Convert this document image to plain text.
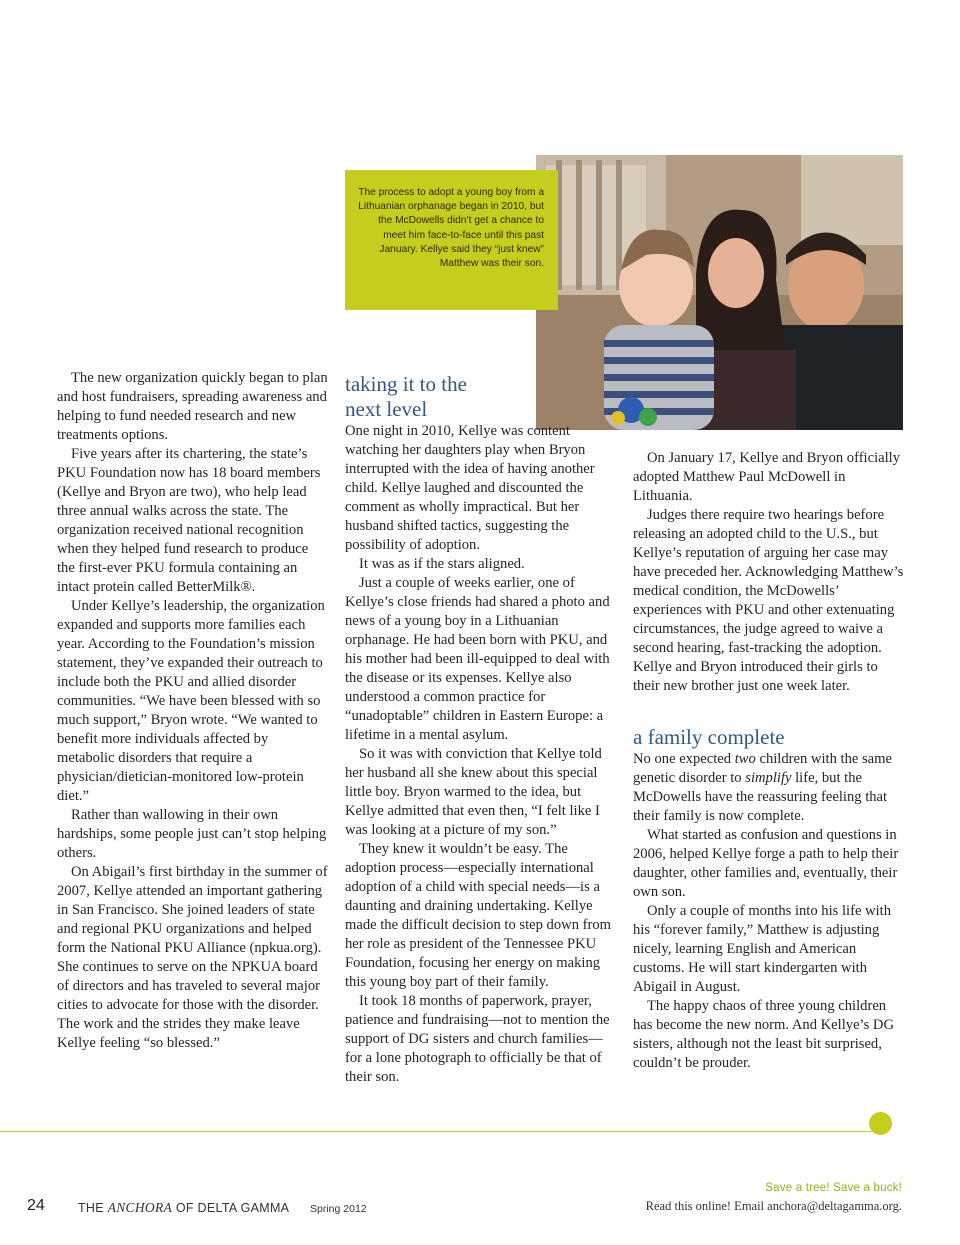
The process to adopt a young boy from a Lithuanian orphanage began in 2010, but the McDowells didn’t get a chance to meet him face-to-face until this past January. Kellye said they “just knew” Matthew was their son.

The new organization quickly began to plan and host fundraisers, spreading awareness and helping to fund needed research and new treatments options.

Five years after its chartering, the state’s PKU Foundation now has 18 board members (Kellye and Bryon are two), who help lead three annual walks across the state. The organization received national recognition when they helped fund research to produce the first-ever PKU formula containing an intact protein called BetterMilk®.

Under Kellye’s leadership, the organization expanded and supports more families each year. According to the Foundation’s mission statement, they’ve expanded their outreach to include both the PKU and allied disorder communities. “We have been blessed with so much support,” Bryon wrote. “We wanted to benefit more individuals affected by metabolic disorders that require a physician/dietician-monitored low-protein diet.”

Rather than wallowing in their own hardships, some people just can’t stop helping others.

On Abigail’s first birthday in the summer of 2007, Kellye attended an important gathering in San Francisco. She joined leaders of state and regional PKU organizations and helped form the National PKU Alliance (npkua.org). She continues to serve on the NPKUA board of directors and has traveled to several major cities to advocate for those with the disorder. The work and the strides they make leave Kellye feeling “so blessed.”

taking it to the next level

One night in 2010, Kellye was content watching her daughters play when Bryon interrupted with the idea of having another child. Kellye laughed and discounted the comment as wholly impractical. But her husband shifted tactics, suggesting the possibility of adoption.

It was as if the stars aligned.

Just a couple of weeks earlier, one of Kellye’s close friends had shared a photo and news of a young boy in a Lithuanian orphanage. He had been born with PKU, and his mother had been ill-equipped to deal with the disease or its expenses. Kellye also understood a common practice for “unadoptable” children in Eastern Europe: a lifetime in a mental asylum.

So it was with conviction that Kellye told her husband all she knew about this special little boy. Bryon warmed to the idea, but Kellye admitted that even then, “I felt like I was looking at a picture of my son.”

They knew it wouldn’t be easy. The adoption process—especially international adoption of a child with special needs—is a daunting and draining undertaking. Kellye made the difficult decision to step down from her role as president of the Tennessee PKU Foundation, focusing her energy on making this young boy part of their family.

It took 18 months of paperwork, prayer, patience and fundraising—not to mention the support of DG sisters and church families—for a lone photograph to officially be that of their son.

On January 17, Kellye and Bryon officially adopted Matthew Paul McDowell in Lithuania.

Judges there require two hearings before releasing an adopted child to the U.S., but Kellye’s reputation of arguing her case may have preceded her. Acknowledging Matthew’s medical condition, the McDowells’ experiences with PKU and other extenuating circumstances, the judge agreed to waive a second hearing, fast-tracking the adoption. Kellye and Bryon introduced their girls to their new brother just one week later.

a family complete

No one expected two children with the same genetic disorder to simplify life, but the McDowells have the reassuring feeling that their family is now complete.

What started as confusion and questions in 2006, helped Kellye forge a path to help their daughter, other families and, eventually, their own son.

Only a couple of months into his life with his “forever family,” Matthew is adjusting nicely, learning English and American customs. He will start kindergarten with Abigail in August.

The happy chaos of three young children has become the new norm. And Kellye’s DG sisters, although not the least bit surprised, couldn’t be prouder.

24	THE ANCHORA OF DELTA GAMMA Spring 2012
Save a tree! Save a buck!
Read this online! Email anchora@deltagamma.org.
